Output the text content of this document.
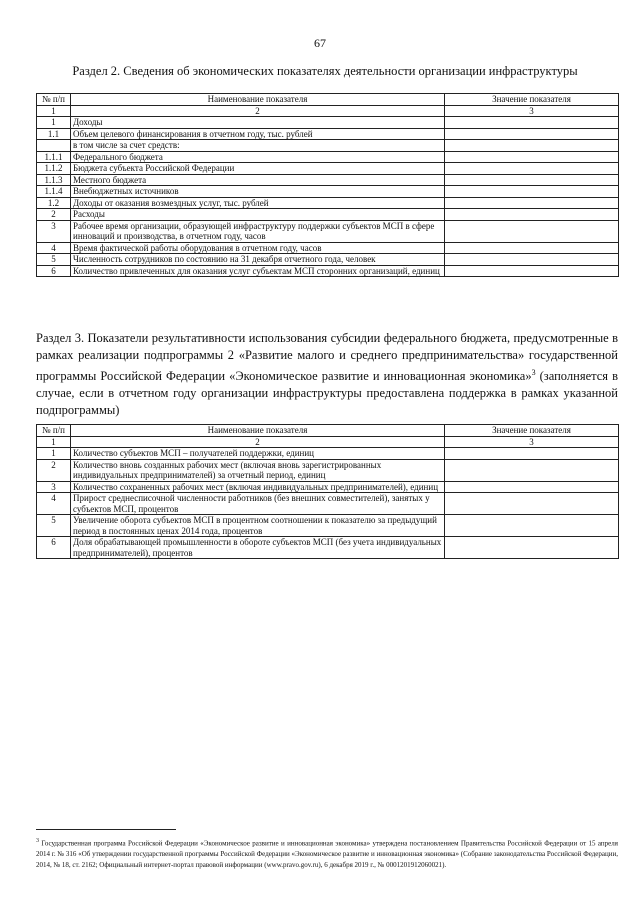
67
Раздел 2. Сведения об экономических показателях деятельности организации инфраструктуры
№ п/п	Наименование показателя	Значение показателя
1	2	3
1	Доходы	
1.1	Объем целевого финансирования в отчетном году, тыс. рублей	
	в том числе за счет средств:	
1.1.1	Федерального бюджета	
1.1.2	Бюджета субъекта Российской Федерации	
1.1.3	Местного бюджета	
1.1.4	Внебюджетных источников	
1.2	Доходы от оказания возмездных услуг, тыс. рублей	
2	Расходы	
3	Рабочее время организации, образующей инфраструктуру поддержки субъектов МСП в сфере инноваций и производства, в отчетном году, часов	
4	Время фактической работы оборудования в отчетном году, часов	
5	Численность сотрудников по состоянию на 31 декабря отчетного года, человек	
6	Количество привлеченных для оказания услуг субъектам МСП сторонних организаций, единиц	
Раздел 3. Показатели результативности использования субсидии федерального бюджета, предусмотренные в рамках реализации подпрограммы 2 «Развитие малого и среднего предпринимательства» государственной программы Российской Федерации «Экономическое развитие и инновационная экономика»$^3$ (заполняется в случае, если в отчетном году организации инфраструктуры предоставлена поддержка в рамках указанной подпрограммы)
№ п/п	Наименование показателя	Значение показателя
1	2	3
1	Количество субъектов МСП – получателей поддержки, единиц	
2	Количество вновь созданных рабочих мест (включая вновь зарегистрированных индивидуальных предпринимателей) за отчетный период, единиц	
3	Количество сохраненных рабочих мест (включая индивидуальных предпринимателей), единиц	
4	Прирост среднесписочной численности работников (без внешних совместителей), занятых у субъектов МСП, процентов	
5	Увеличение оборота субъектов МСП в процентном соотношении к показателю за предыдущий период в постоянных ценах 2014 года, процентов	
6	Доля обрабатывающей промышленности в обороте субъектов МСП (без учета индивидуальных предпринимателей), процентов	
$^3$ Государственная программа Российской Федерации «Экономическое развитие и инновационная экономика» утверждена постановлением Правительства Российской Федерации от 15 апреля 2014 г. № 316 «Об утверждении государственной программы Российской Федерации «Экономическое развитие и инновационная экономика» (Собрание законодательства Российской Федерации, 2014, № 18, ст. 2162; Официальный интернет-портал правовой информации (www.pravo.gov.ru), 6 декабря 2019 г., № 0001201912060021).
